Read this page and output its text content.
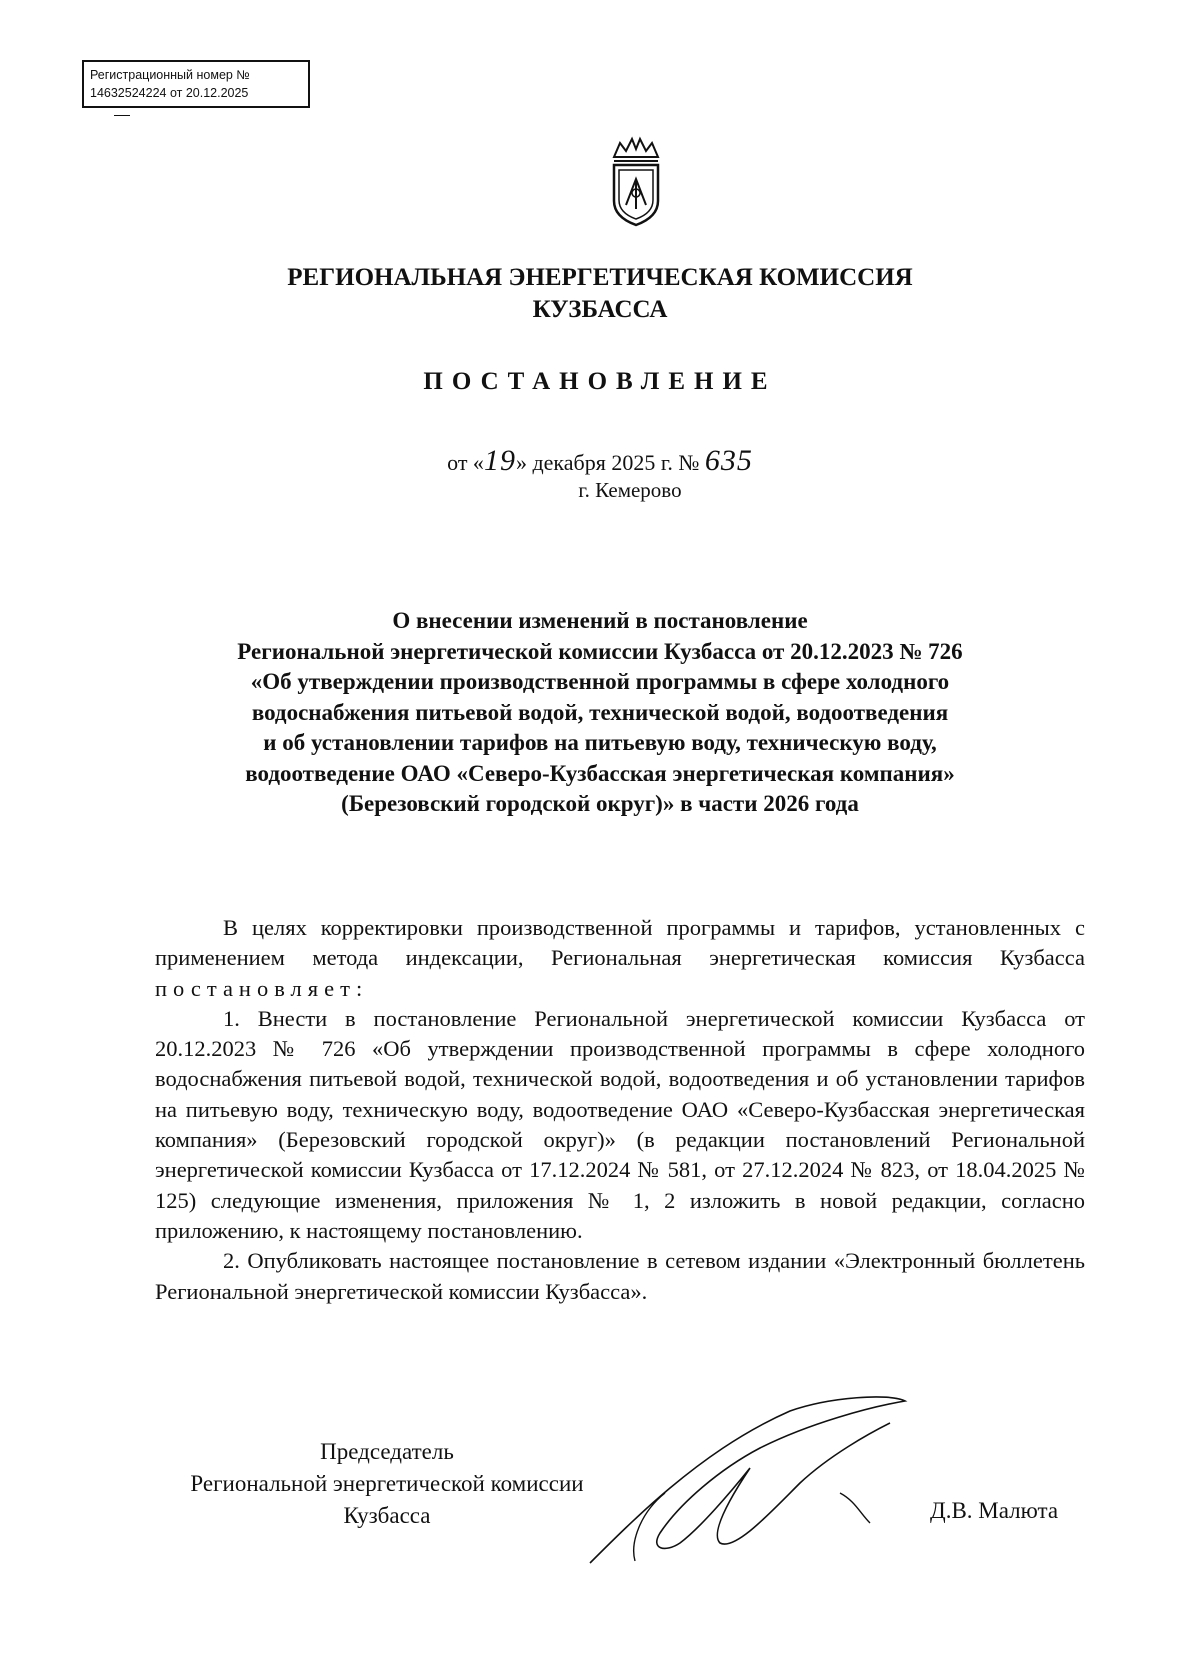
Регистрационный номер №
14632524224 от 20.12.2025
РЕГИОНАЛЬНАЯ ЭНЕРГЕТИЧЕСКАЯ КОМИССИЯ
КУЗБАССА
ПОСТАНОВЛЕНИЕ
от «19» декабря 2025 г. № 635
г. Кемерово
О внесении изменений в постановление
Региональной энергетической комиссии Кузбасса от 20.12.2023 № 726
«Об утверждении производственной программы в сфере холодного
водоснабжения питьевой водой, технической водой, водоотведения
и об установлении тарифов на питьевую воду, техническую воду,
водоотведение ОАО «Северо-Кузбасская энергетическая компания»
(Березовский городской округ)» в части 2026 года

В целях корректировки производственной программы и тарифов, установленных с применением метода индексации, Региональная энергетическая комиссия Кузбасса постановляет:

1. Внести в постановление Региональной энергетической комиссии Кузбасса от 20.12.2023 № 726 «Об утверждении производственной программы в сфере холодного водоснабжения питьевой водой, технической водой, водоотведения и об установлении тарифов на питьевую воду, техническую воду, водоотведение ОАО «Северо-Кузбасская энергетическая компания» (Березовский городской округ)» (в редакции постановлений Региональной энергетической комиссии Кузбасса от 17.12.2024 № 581, от 27.12.2024 № 823, от 18.04.2025 № 125) следующие изменения, приложения № 1, 2 изложить в новой редакции, согласно приложению, к настоящему постановлению.

2. Опубликовать настоящее постановление в сетевом издании «Электронный бюллетень Региональной энергетической комиссии Кузбасса».

Председатель
Региональной энергетической комиссии
Кузбасса	Д.В. Малюта
